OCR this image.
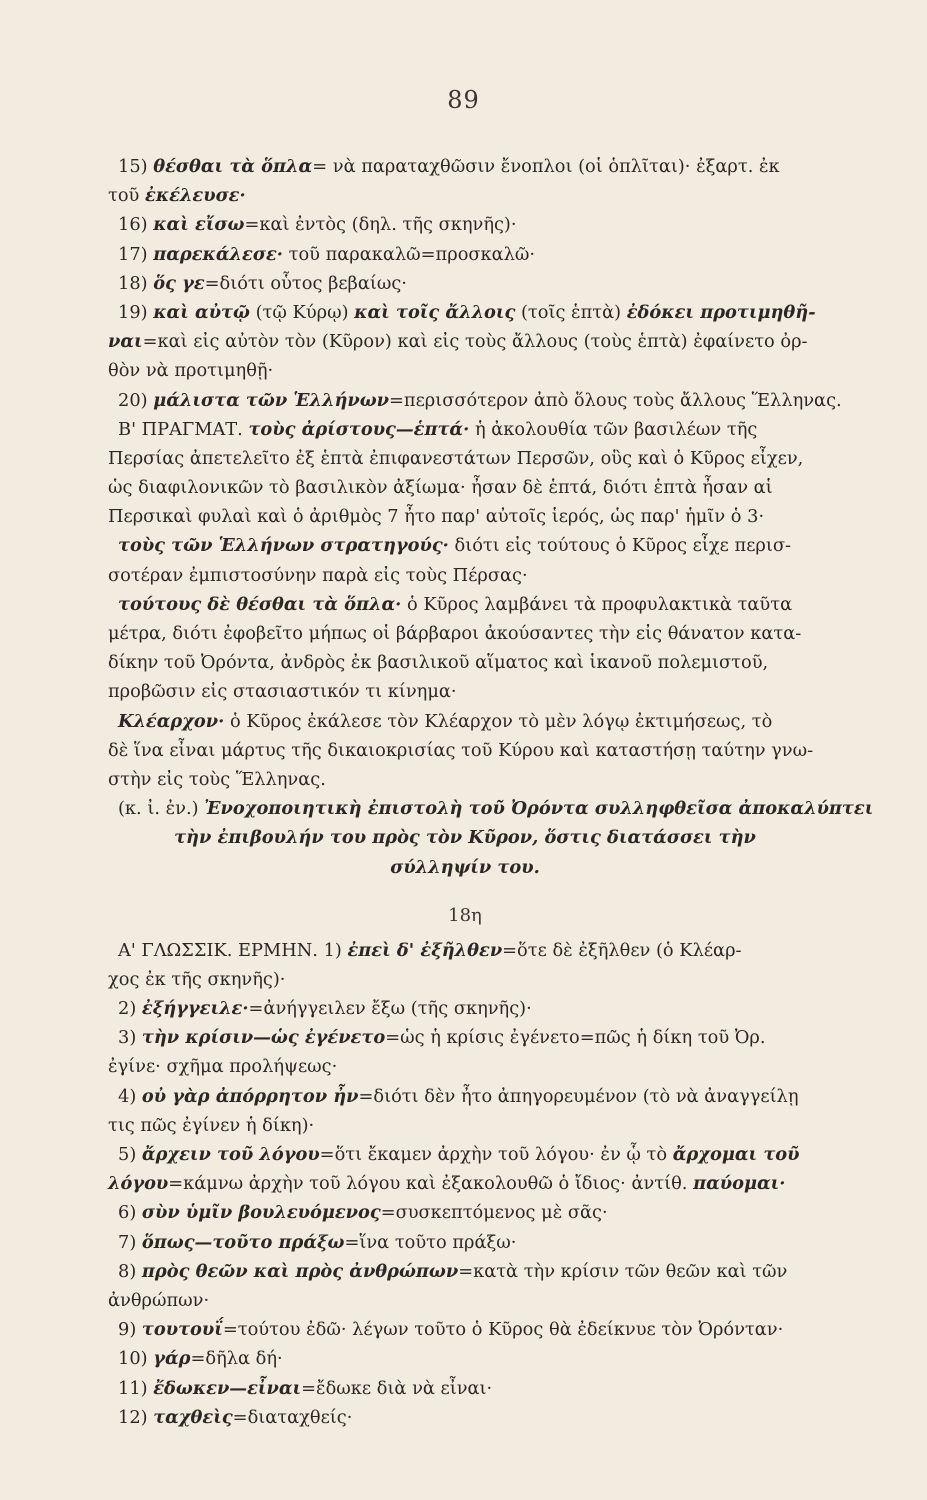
89
15) θέσθαι τὰ ὅπλα= νὰ παραταχθῶσιν ἔνοπλοι (οἱ ὁπλῖται)· ἐξαρτ. ἐκ
τοῦ ἐκέλευσε·
16) καὶ εἴσω=καὶ ἐντὸς (δηλ. τῆς σκηνῆς)·
17) παρεκάλεσε· τοῦ παρακαλῶ=προσκαλῶ·
18) ὅς γε=διότι οὗτος βεβαίως·
19) καὶ αὐτῷ (τῷ Κύρῳ) καὶ τοῖς ἄλλοις (τοῖς ἑπτὰ) ἐδόκει προτιμηθῆ-
ναι=καὶ εἰς αὐτὸν τὸν (Κῦρον) καὶ εἰς τοὺς ἄλλους (τοὺς ἑπτὰ) ἐφαίνετο ὀρ-
θὸν νὰ προτιμηθῇ·
20) μάλιστα τῶν Ἑλλήνων=περισσότερον ἀπὸ ὅλους τοὺς ἄλλους Ἕλληνας.
Β' ΠΡΑΓΜΑΤ. τοὺς ἀρίστους—ἑπτά· ἡ ἀκολουθία τῶν βασιλέων τῆς
Περσίας ἀπετελεῖτο ἐξ ἑπτὰ ἐπιφανεστάτων Περσῶν, οὓς καὶ ὁ Κῦρος εἶχεν,
ὡς διαφιλονικῶν τὸ βασιλικὸν ἀξίωμα· ἦσαν δὲ ἑπτά, διότι ἑπτὰ ἦσαν αἱ
Περσικαὶ φυλαὶ καὶ ὁ ἀριθμὸς 7 ἦτο παρ' αὐτοῖς ἱερός, ὡς παρ' ἡμῖν ὁ 3·
τοὺς τῶν Ἑλλήνων στρατηγούς· διότι εἰς τούτους ὁ Κῦρος εἶχε περισ-
σοτέραν ἐμπιστοσύνην παρὰ εἰς τοὺς Πέρσας·
τούτους δὲ θέσθαι τὰ ὅπλα· ὁ Κῦρος λαμβάνει τὰ προφυλακτικὰ ταῦτα
μέτρα, διότι ἐφοβεῖτο μήπως οἱ βάρβαροι ἀκούσαντες τὴν εἰς θάνατον κατα-
δίκην τοῦ Ὀρόντα, ἀνδρὸς ἐκ βασιλικοῦ αἵματος καὶ ἱκανοῦ πολεμιστοῦ,
προβῶσιν εἰς στασιαστικόν τι κίνημα·
Κλέαρχον· ὁ Κῦρος ἐκάλεσε τὸν Κλέαρχον τὸ μὲν λόγῳ ἐκτιμήσεως, τὸ
δὲ ἵνα εἶναι μάρτυς τῆς δικαιοκρισίας τοῦ Κύρου καὶ καταστήσῃ ταύτην γνω-
στὴν εἰς τοὺς Ἕλληνας.
(κ. ἰ. ἐν.) Ἐνοχοποιητικὴ ἐπιστολὴ τοῦ Ὀρόντα συλληφθεῖσα ἀποκαλύπτει
τὴν ἐπιβουλήν του πρὸς τὸν Κῦρον, ὅστις διατάσσει τὴν
σύλληψίν του.
18η
Α' ΓΛΩΣΣΙΚ. ΕΡΜΗΝ. 1) ἐπεὶ δ' ἐξῆλθεν=ὅτε δὲ ἐξῆλθεν (ὁ Κλέαρ-
χος ἐκ τῆς σκηνῆς)·
2) ἐξήγγειλε·=ἀνήγγειλεν ἔξω (τῆς σκηνῆς)·
3) τὴν κρίσιν—ὡς ἐγένετο=ὡς ἡ κρίσις ἐγένετο=πῶς ἡ δίκη τοῦ Ὀρ.
ἐγίνε· σχῆμα προλήψεως·
4) οὐ γὰρ ἀπόρρητον ἦν=διότι δὲν ἦτο ἀπηγορευμένον (τὸ νὰ ἀναγγείλῃ
τις πῶς ἐγίνεν ἡ δίκη)·
5) ἄρχειν τοῦ λόγου=ὅτι ἔκαμεν ἀρχὴν τοῦ λόγου· ἐν ᾧ τὸ ἄρχομαι τοῦ
λόγου=κάμνω ἀρχὴν τοῦ λόγου καὶ ἐξακολουθῶ ὁ ἴδιος· ἀντίθ. παύομαι·
6) σὺν ὑμῖν βουλευόμενος=συσκεπτόμενος μὲ σᾶς·
7) ὅπως—τοῦτο πράξω=ἵνα τοῦτο πράξω·
8) πρὸς θεῶν καὶ πρὸς ἀνθρώπων=κατὰ τὴν κρίσιν τῶν θεῶν καὶ τῶν
ἀνθρώπων·
9) τουτουΐ=τούτου ἐδῶ· λέγων τοῦτο ὁ Κῦρος θὰ ἐδείκνυε τὸν Ὀρόνταν·
10) γάρ=δῆλα δή·
11) ἔδωκεν—εἶναι=ἔδωκε διὰ νὰ εἶναι·
12) ταχθεὶς=διαταχθείς·
